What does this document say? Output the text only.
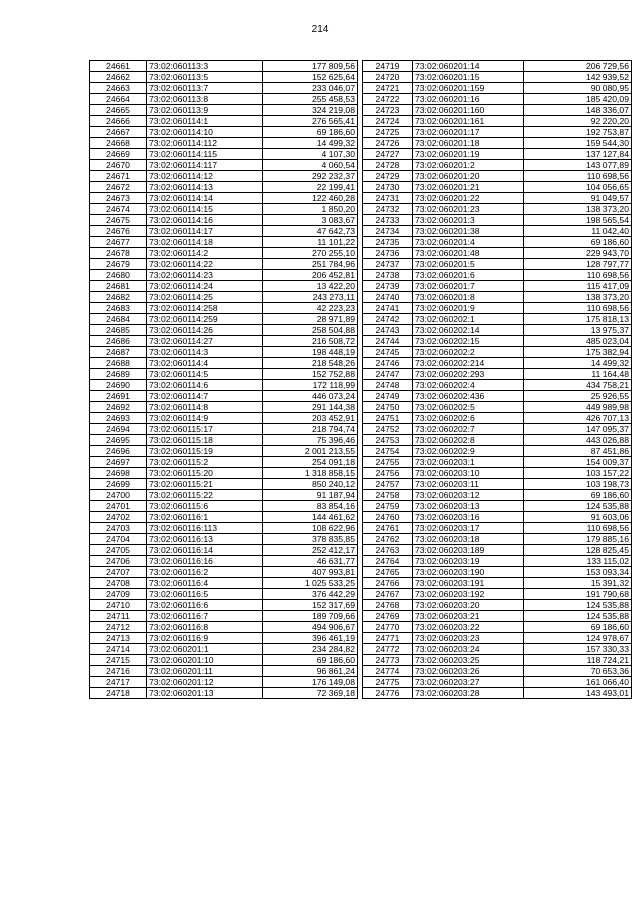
214
24661	73:02:060113:3	177 809,56
24662	73:02:060113:5	152 625,64
24663	73:02:060113:7	233 046,07
24664	73:02:060113:8	255 458,53
24665	73:02:060113:9	324 219,08
24666	73:02:060114:1	276 565,41
24667	73:02:060114:10	69 186,60
24668	73:02:060114:112	14 499,32
24669	73:02:060114:115	4 107,30
24670	73:02:060114:117	4 060,54
24671	73:02:060114:12	292 232,37
24672	73:02:060114:13	22 199,41
24673	73:02:060114:14	122 460,28
24674	73:02:060114:15	1 850,20
24675	73:02:060114:16	3 083,67
24676	73:02:060114:17	47 642,73
24677	73:02:060114:18	11 101,22
24678	73:02:060114:2	270 255,10
24679	73:02:060114:22	251 784,96
24680	73:02:060114:23	206 452,81
24681	73:02:060114:24	13 422,20
24682	73:02:060114:25	243 273,11
24683	73:02:060114:258	42 223,23
24684	73:02:060114:259	28 971,89
24685	73:02:060114:26	258 504,88
24686	73:02:060114:27	216 508,72
24687	73:02:060114:3	198 448,19
24688	73:02:060114:4	218 548,26
24689	73:02:060114:5	152 752,88
24690	73:02:060114:6	172 118,99
24691	73:02:060114:7	446 073,24
24692	73:02:060114:8	291 144,38
24693	73:02:060114:9	203 452,91
24694	73:02:060115:17	218 794,74
24695	73:02:060115:18	75 396,46
24696	73:02:060115:19	2 001 213,55
24697	73:02:060115:2	254 091,18
24698	73:02:060115:20	1 318 858,15
24699	73:02:060115:21	850 240,12
24700	73:02:060115:22	91 187,94
24701	73:02:060115:6	83 854,16
24702	73:02:060116:1	144 461,62
24703	73:02:060116:113	108 622,96
24704	73:02:060116:13	378 835,85
24705	73:02:060116:14	252 412,17
24706	73:02:060116:16	46 631,77
24707	73:02:060116:2	407 993,81
24708	73:02:060116:4	1 025 533,25
24709	73:02:060116:5	376 442,29
24710	73:02:060116:6	152 317,69
24711	73:02:060116:7	189 709,66
24712	73:02:060116:8	494 906,67
24713	73:02:060116:9	396 461,19
24714	73:02:060201:1	234 284,82
24715	73:02:060201:10	69 186,60
24716	73:02:060201:11	96 861,24
24717	73:02:060201:12	176 149,08
24718	73:02:060201:13	72 369,18
24719	73:02:060201:14	206 729,56
24720	73:02:060201:15	142 939,52
24721	73:02:060201:159	90 080,95
24722	73:02:060201:16	185 420,09
24723	73:02:060201:160	148 336,07
24724	73:02:060201:161	92 220,20
24725	73:02:060201:17	192 753,87
24726	73:02:060201:18	159 544,30
24727	73:02:060201:19	137 127,84
24728	73:02:060201:2	143 077,89
24729	73:02:060201:20	110 698,56
24730	73:02:060201:21	104 056,65
24731	73:02:060201:22	91 049,57
24732	73:02:060201:23	138 373,20
24733	73:02:060201:3	198 565,54
24734	73:02:060201:38	11 042,40
24735	73:02:060201:4	69 186,60
24736	73:02:060201:48	229 943,70
24737	73:02:060201:5	128 797,77
24738	73:02:060201:6	110 698,56
24739	73:02:060201:7	115 417,09
24740	73:02:060201:8	138 373,20
24741	73:02:060201:9	110 698,56
24742	73:02:060202:1	175 818,13
24743	73:02:060202:14	13 975,37
24744	73:02:060202:15	485 023,04
24745	73:02:060202:2	175 382,94
24746	73:02:060202:214	14 499,32
24747	73:02:060202:293	11 164,48
24748	73:02:060202:4	434 758,21
24749	73:02:060202:436	25 926,55
24750	73:02:060202:5	449 989,98
24751	73:02:060202:6	426 707,13
24752	73:02:060202:7	147 095,37
24753	73:02:060202:8	443 026,88
24754	73:02:060202:9	87 451,86
24755	73:02:060203:1	154 009,37
24756	73:02:060203:10	103 157,22
24757	73:02:060203:11	103 198,73
24758	73:02:060203:12	69 186,60
24759	73:02:060203:13	124 535,88
24760	73:02:060203:16	91 603,06
24761	73:02:060203:17	110 698,56
24762	73:02:060203:18	179 885,16
24763	73:02:060203:189	128 825,45
24764	73:02:060203:19	133 115,02
24765	73:02:060203:190	153 093,34
24766	73:02:060203:191	15 391,32
24767	73:02:060203:192	191 790,68
24768	73:02:060203:20	124 535,88
24769	73:02:060203:21	124 535,88
24770	73:02:060203:22	69 186,60
24771	73:02:060203:23	124 978,67
24772	73:02:060203:24	157 330,33
24773	73:02:060203:25	118 724,21
24774	73:02:060203:26	70 653,36
24775	73:02:060203:27	161 066,40
24776	73:02:060203:28	143 493,01
